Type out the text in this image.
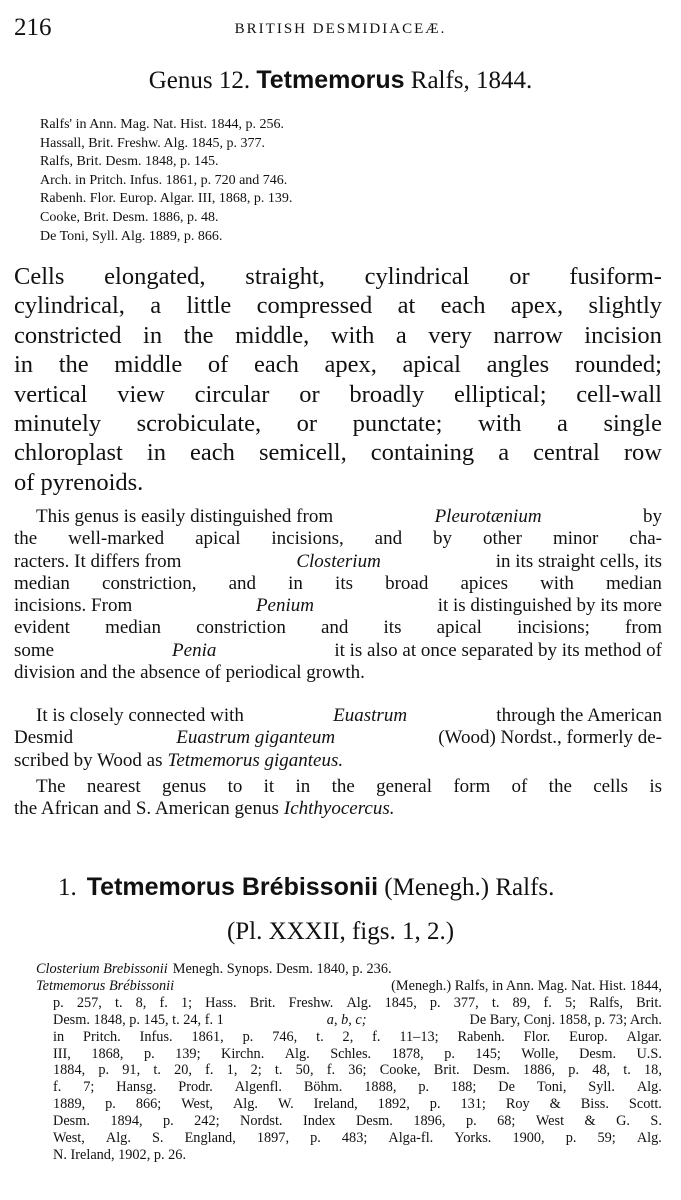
216	BRITISH DESMIDIACEÆ.
Genus 12. Tetmemorus Ralfs, 1844.
Ralfs' in Ann. Mag. Nat. Hist. 1844, p. 256.
Hassall, Brit. Freshw. Alg. 1845, p. 377.
Ralfs, Brit. Desm. 1848, p. 145.
Arch. in Pritch. Infus. 1861, p. 720 and 746.
Rabenh. Flor. Europ. Algar. III, 1868, p. 139.
Cooke, Brit. Desm. 1886, p. 48.
De Toni, Syll. Alg. 1889, p. 866.
Cells elongated, straight, cylindrical or fusiform-
cylindrical, a little compressed at each apex, slightly
constricted in the middle, with a very narrow incision
in the middle of each apex, apical angles rounded;
vertical view circular or broadly elliptical; cell-wall
minutely scrobiculate, or punctate; with a single
chloroplast in each semicell, containing a central row
of pyrenoids.
This genus is easily distinguished from	Pleurotænium	by
the well-marked apical incisions, and by other minor cha-
racters. It differs from	Closterium	in its straight cells, its
median constriction, and in its broad apices with median
incisions. From	Penium	it is distinguished by its more
evident median constriction and its apical incisions; from
some	Penia	it is also at once separated by its method of
division and the absence of periodical growth.
It is closely connected with	Euastrum	through the American
Desmid	Euastrum giganteum	(Wood) Nordst., formerly de-
scribed by Wood as Tetmemorus giganteus.
The nearest genus to it in the general form of the cells is
the African and S. American genus Ichthyocercus.
1. Tetmemorus Brébissonii (Menegh.) Ralfs.
(Pl. XXXII, figs. 1, 2.)
Closterium Brebissonii Menegh. Synops. Desm. 1840, p. 236.
Tetmemorus Brébissonii	(Menegh.) Ralfs, in Ann. Mag. Nat. Hist. 1844,
p. 257, t. 8, f. 1; Hass. Brit. Freshw. Alg. 1845, p. 377, t. 89, f. 5; Ralfs, Brit.
Desm. 1848, p. 145, t. 24, f. 1	a, b, c;	De Bary, Conj. 1858, p. 73; Arch.
in Pritch. Infus. 1861, p. 746, t. 2, f. 11–13; Rabenh. Flor. Europ. Algar.
III, 1868, p. 139; Kirchn. Alg. Schles. 1878, p. 145; Wolle, Desm. U.S.
1884, p. 91, t. 20, f. 1, 2; t. 50, f. 36; Cooke, Brit. Desm. 1886, p. 48, t. 18,
f. 7; Hansg. Prodr. Algenfl. Böhm. 1888, p. 188; De Toni, Syll. Alg.
1889, p. 866; West, Alg. W. Ireland, 1892, p. 131; Roy & Biss. Scott.
Desm. 1894, p. 242; Nordst. Index Desm. 1896, p. 68; West & G. S.
West, Alg. S. England, 1897, p. 483; Alga-fl. Yorks. 1900, p. 59; Alg.
N. Ireland, 1902, p. 26.
